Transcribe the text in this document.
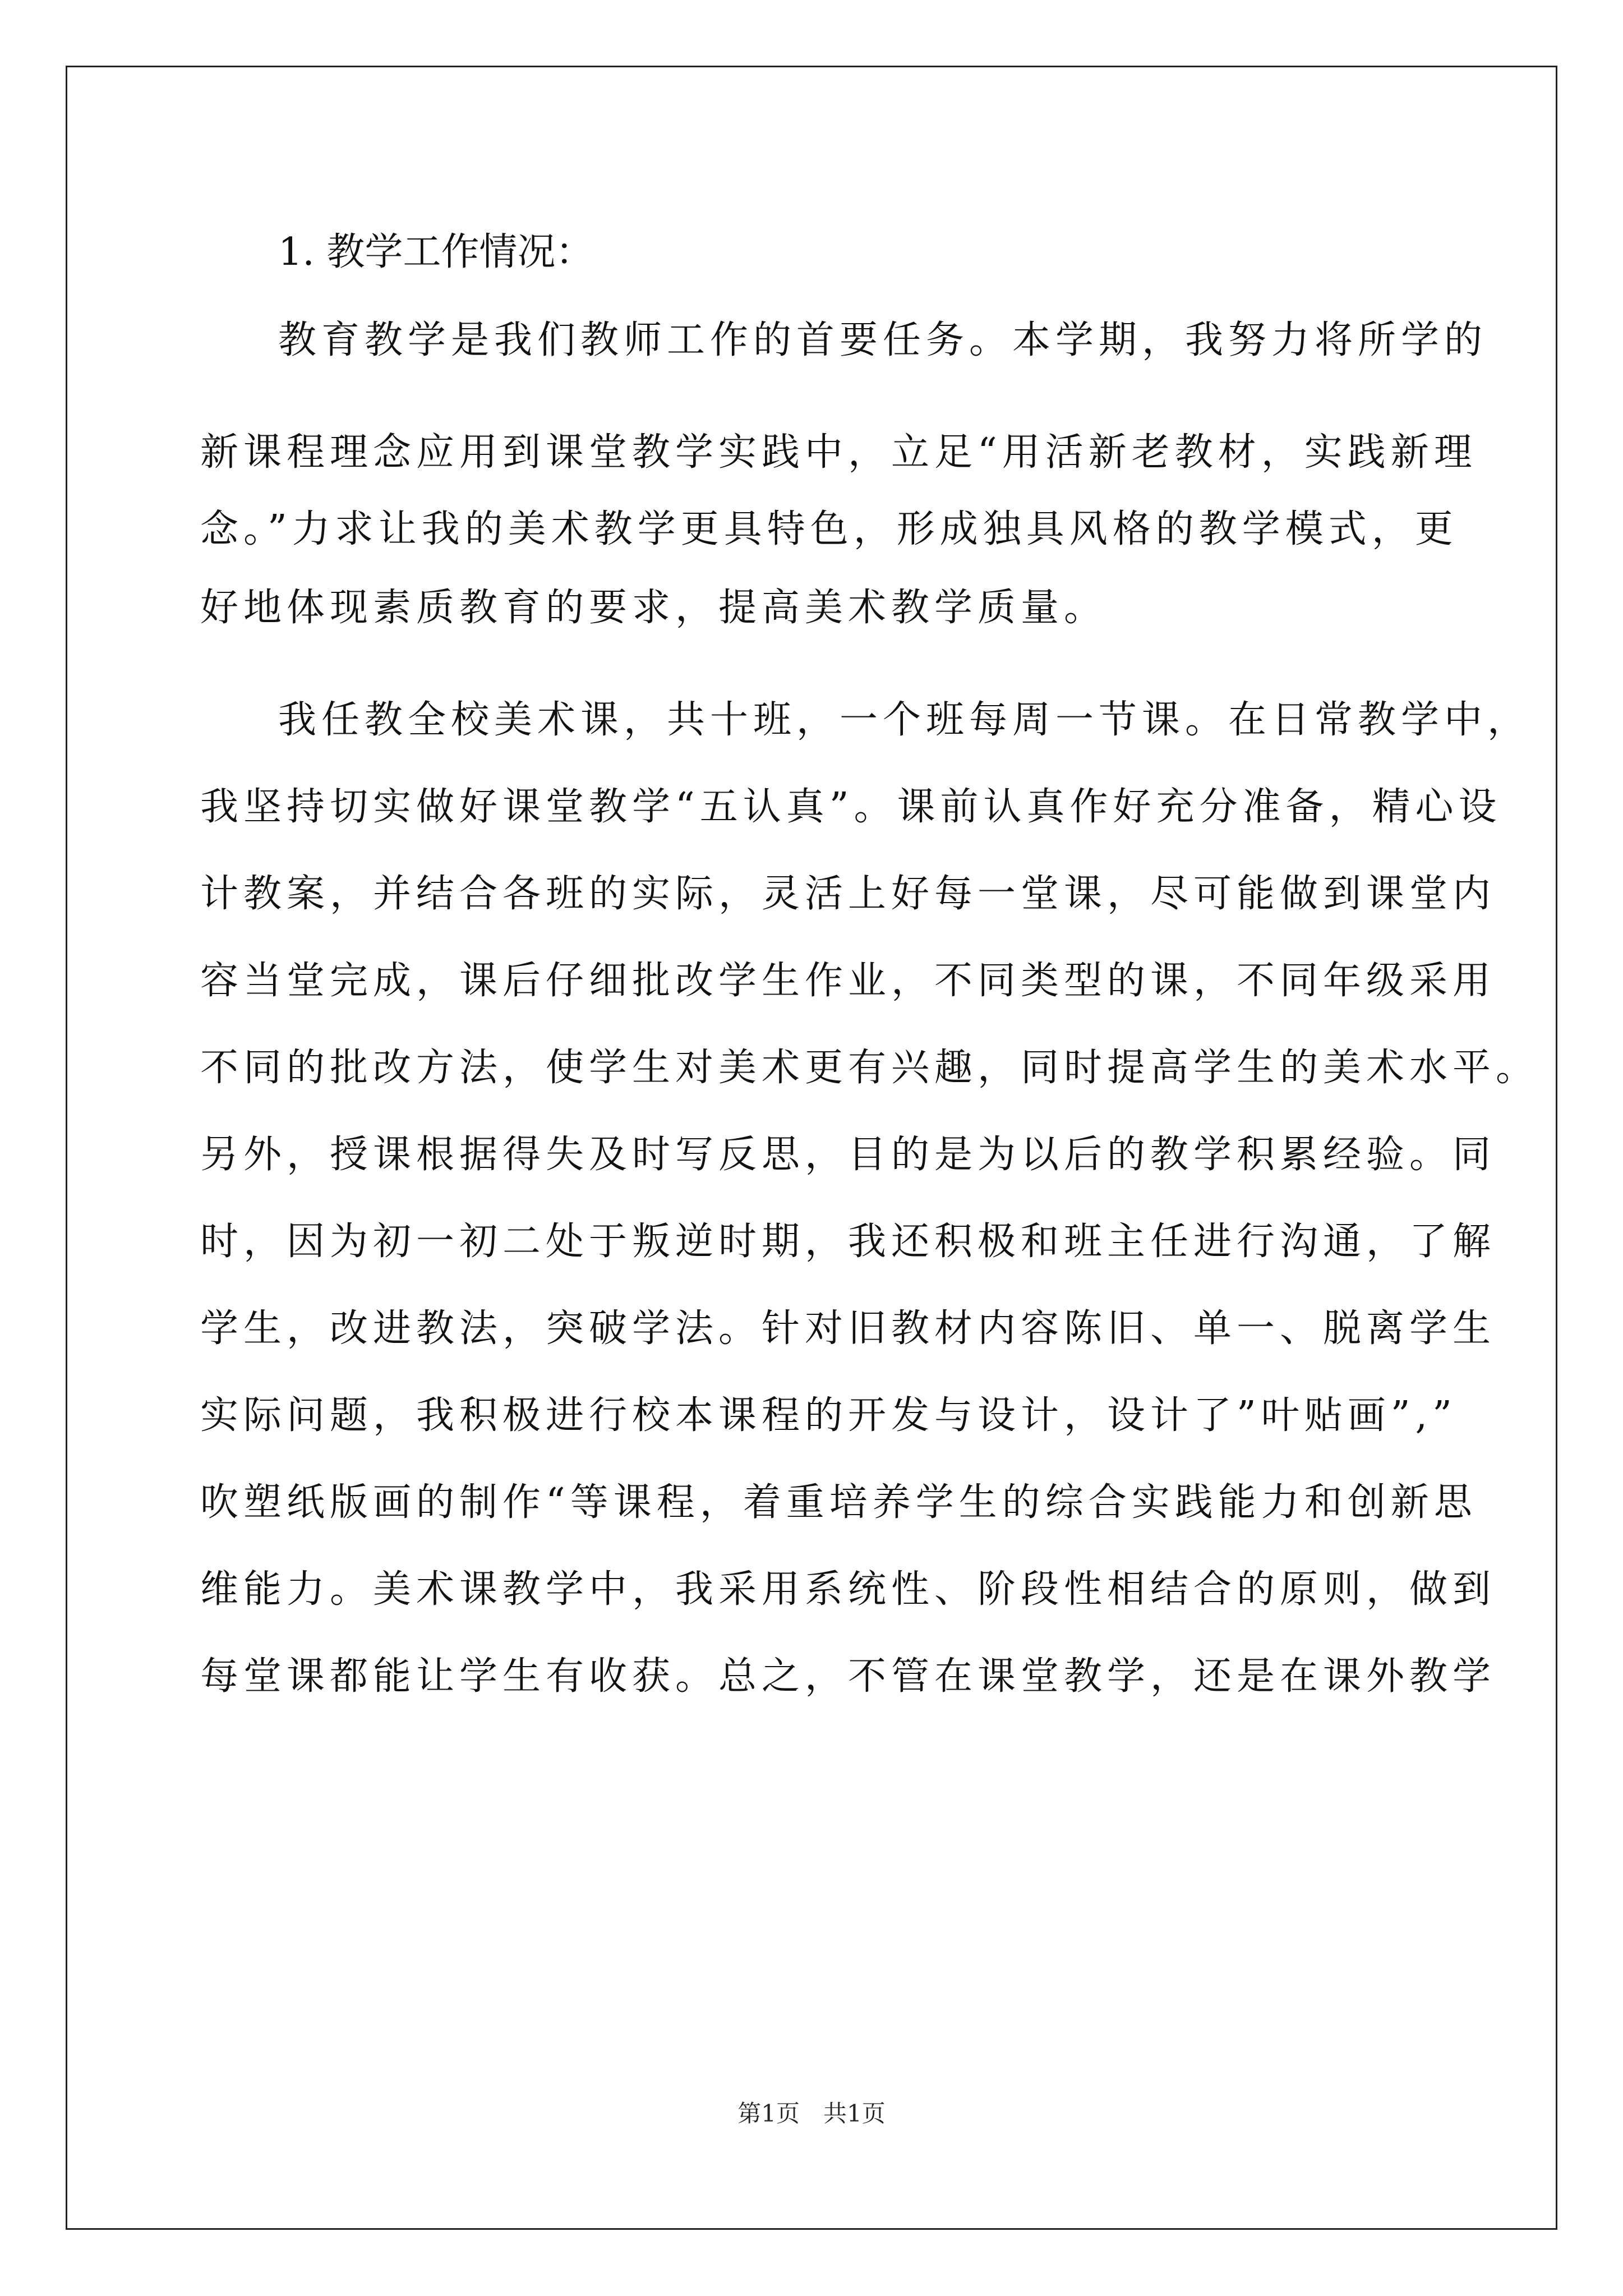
1. 教学工作情况：
教育教学是我们教师工作的首要任务。本学期，我努力将所学的
新课程理念应用到课堂教学实践中，立足“用活新老教材，实践新理
念。”力求让我的美术教学更具特色，形成独具风格的教学模式，更
好地体现素质教育的要求，提高美术教学质量。
我任教全校美术课，共十班，一个班每周一节课。在日常教学中，
我坚持切实做好课堂教学“五认真”。课前认真作好充分准备，精心设
计教案，并结合各班的实际，灵活上好每一堂课，尽可能做到课堂内
容当堂完成，课后仔细批改学生作业，不同类型的课，不同年级采用
不同的批改方法，使学生对美术更有兴趣，同时提高学生的美术水平。
另外，授课根据得失及时写反思，目的是为以后的教学积累经验。同
时，因为初一初二处于叛逆时期，我还积极和班主任进行沟通，了解
学生，改进教法，突破学法。针对旧教材内容陈旧、单一、脱离学生
实际问题，我积极进行校本课程的开发与设计，设计了”叶贴画”,”
吹塑纸版画的制作“等课程，着重培养学生的综合实践能力和创新思
维能力。美术课教学中，我采用系统性、阶段性相结合的原则，做到
每堂课都能让学生有收获。总之，不管在课堂教学，还是在课外教学
第1页　共1页
